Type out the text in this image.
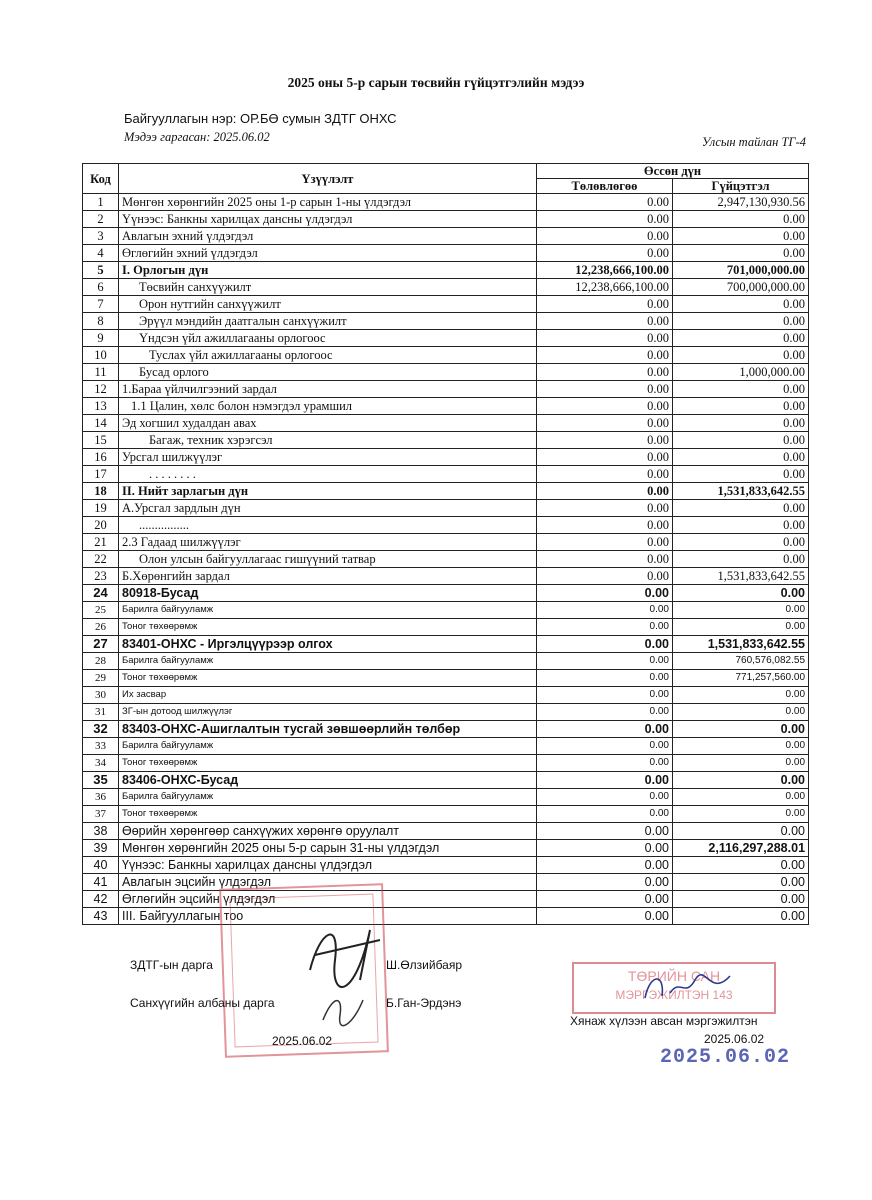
2025 оны 5-р сарын төсвийн гүйцэтгэлийн мэдээ
Байгууллагын нэр: ОР.БӨ сумын ЗДТГ ОНХС
Мэдээ гаргасан: 2025.06.02	Улсын тайлан ТГ-4
Код	Үзүүлэлт	Өссөн дүн	
		Төлөвлөгөө	Гүйцэтгэл
1	Мөнгөн хөрөнгийн 2025 оны 1-р сарын 1-ны үлдэгдэл	0.00	2,947,130,930.56
2	Үүнээс: Банкны харилцах дансны үлдэгдэл	0.00	0.00
3	Авлагын эхний үлдэгдэл	0.00	0.00
4	Өглөгийн эхний үлдэгдэл	0.00	0.00
5	I. Орлогын дүн	12,238,666,100.00	701,000,000.00
6	Төсвийн санхүүжилт	12,238,666,100.00	700,000,000.00
7	Орон нутгийн санхүүжилт	0.00	0.00
8	Эрүүл мэндийн даатгалын санхүүжилт	0.00	0.00
9	Үндсэн үйл ажиллагааны орлогоос	0.00	0.00
10	Туслах үйл ажиллагааны орлогоос	0.00	0.00
11	Бусад орлого	0.00	1,000,000.00
12	1.Бараа үйлчилгээний зардал	0.00	0.00
13	1.1 Цалин, хөлс болон нэмэгдэл урамшил	0.00	0.00
14	Эд хогшил худалдан авах	0.00	0.00
15	Багаж, техник хэрэгсэл	0.00	0.00
16	Урсгал шилжүүлэг	0.00	0.00
17	. . . . . . . .	0.00	0.00
18	II. Нийт зарлагын дүн	0.00	1,531,833,642.55
19	А.Урсгал зардлын дүн	0.00	0.00
20	................	0.00	0.00
21	2.3 Гадаад шилжүүлэг	0.00	0.00
22	Олон улсын байгууллагаас гишүүний татвар	0.00	0.00
23	Б.Хөрөнгийн зардал	0.00	1,531,833,642.55
24	80918-Бусад	0.00	0.00
25	Барилга байгууламж	0.00	0.00
26	Тоног төхөөрөмж	0.00	0.00
27	83401-ОНХС - Иргэлцүүрээр олгох	0.00	1,531,833,642.55
28	Барилга байгууламж	0.00	760,576,082.55
29	Тоног төхөөрөмж	0.00	771,257,560.00
30	Их засвар	0.00	0.00
31	ЗГ-ын дотоод шилжүүлэг	0.00	0.00
32	83403-ОНХС-Ашиглалтын тусгай зөвшөөрлийн төлбөр	0.00	0.00
33	Барилга байгууламж	0.00	0.00
34	Тоног төхөөрөмж	0.00	0.00
35	83406-ОНХС-Бусад	0.00	0.00
36	Барилга байгууламж	0.00	0.00
37	Тоног төхөөрөмж	0.00	0.00
38	Өөрийн хөрөнгөөр санхүүжих хөрөнгө оруулалт	0.00	0.00
39	Мөнгөн хөрөнгийн 2025 оны 5-р сарын 31-ны үлдэгдэл	0.00	2,116,297,288.01
40	Үүнээс: Банкны харилцах дансны үлдэгдэл	0.00	0.00
41	Авлагын эцсийн үлдэгдэл	0.00	0.00
42	Өглөгийн эцсийн үлдэгдэл	0.00	0.00
43	III. Байгууллагын тоо	0.00	0.00
ЗДТГ-ын дарга	Ш.Өлзийбаяр
Санхүүгийн албаны дарга	Б.Ган-Эрдэнэ
2025.06.02
ТӨРИЙН САН
МЭРГЭЖИЛТЭН 143
Хянаж хүлээн авсан мэргэжилтэн
2025.06.02
2025.06.02
